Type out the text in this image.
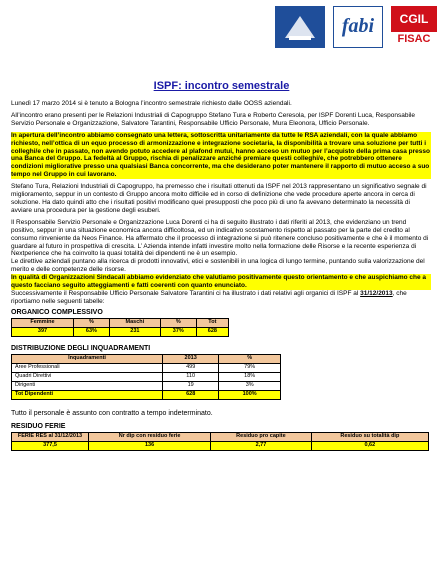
fabi	CGIL
FISAC
ISPF: incontro semestrale

Lunedì 17 marzo 2014 si è tenuto a Bologna l’incontro semestrale richiesto dalle OOSS aziendali.

All’incontro erano presenti per le Relazioni Industriali di Capogruppo Stefano Tura e Roberto Ceresola, per ISPF Dorenti Luca, Responsabile Servizio Personale e Organizzazione, Salvatore Tarantini, Responsabile Ufficio Personale, Mura Eleonora, Ufficio Personale.

In apertura dell’incontro abbiamo consegnato una lettera, sottoscritta unitariamente da tutte le RSA aziendali, con la quale abbiamo richiesto, nell’ottica di un equo processo di armonizzazione e integrazione societaria, la disponibilità a trovare una soluzione per tutti i colleghi/e che in passato, non avendo potuto accedere al plafond mutui, hanno acceso un mutuo per l’acquisto della prima casa presso una Banca del Gruppo. La fedeltà al Gruppo, rischia di penalizzare anziché premiare questi colleghi/e, che potrebbero ottenere condizioni migliorative presso una qualsiasi Banca concorrente, ma che desiderano poter mantenere il rapporto di mutuo acceso a suo tempo nel Gruppo in cui lavorano.

Stefano Tura, Relazioni Industriali di Capogruppo, ha premesso che i risultati ottenuti da ISPF nel 2013 rappresentano un significativo segnale di miglioramento, seppur in un contesto di Gruppo ancora molto difficile ed in corso di definizione che vede procedure aperte ancora in cerca di soluzione. Ha dato quindi atto che i risultati positivi modificano quei presupposti che poco più di uno fa avevano determinato la necessità di avviare una procedura per la gestione degli esuberi.

Il Responsabile Servizio Personale e Organizzazione Luca Dorenti ci ha di seguito illustrato i dati riferiti al 2013, che evidenziano un trend positivo, seppur in una situazione economica ancora difficoltosa, ed un indicativo scostamento rispetto al passato per la parte del credito al consumo rinveniente da Neos Finance. Ha affermato che il processo di integrazione si può ritenere concluso positivamente e che è il momento di guardare al futuro in prospettiva di crescita. L’ Azienda intende infatti investire molto nella formazione delle Risorse e la recente esperienza di Nextperience che ha coinvolto la quasi totalità dei dipendenti ne è un esempio.

Le direttive aziendali puntano alla ricerca di prodotti innovativi, etici e sostenibili in una logica di lungo termine, puntando sulla valorizzazione del merito e delle competenze delle risorse.

In qualità di Organizzazioni Sindacali abbiamo evidenziato che valutiamo positivamente questo orientamento e che auspichiamo che a questo facciano seguito atteggiamenti e fatti coerenti con quanto enunciato.

Successivamente il Responsabile Ufficio Personale Salvatore Tarantini ci ha illustrato i dati relativi agli organici di ISPF al 31/12/2013, che riportiamo nelle seguenti tabelle:

ORGANICO COMPLESSIVO
Femmine	%	Maschi	%	Tot
397	63%	231	37%	628
DISTRIBUZIONE DEGLI INQUADRAMENTI
Inquadramenti	2013	%
Aree Professionali	499	79%
Quadri Direttivi	110	18%
Dirigenti	19	3%
Tot Dipendenti	628	100%

Tutto il personale è assunto con contratto a tempo indeterminato.

RESIDUO FERIE
FERIE RES al 31/12/2013	Nr dip con residuo ferie	Residuo pro capite	Residuo su totalità dip
377,5	136	2,77	0,62
